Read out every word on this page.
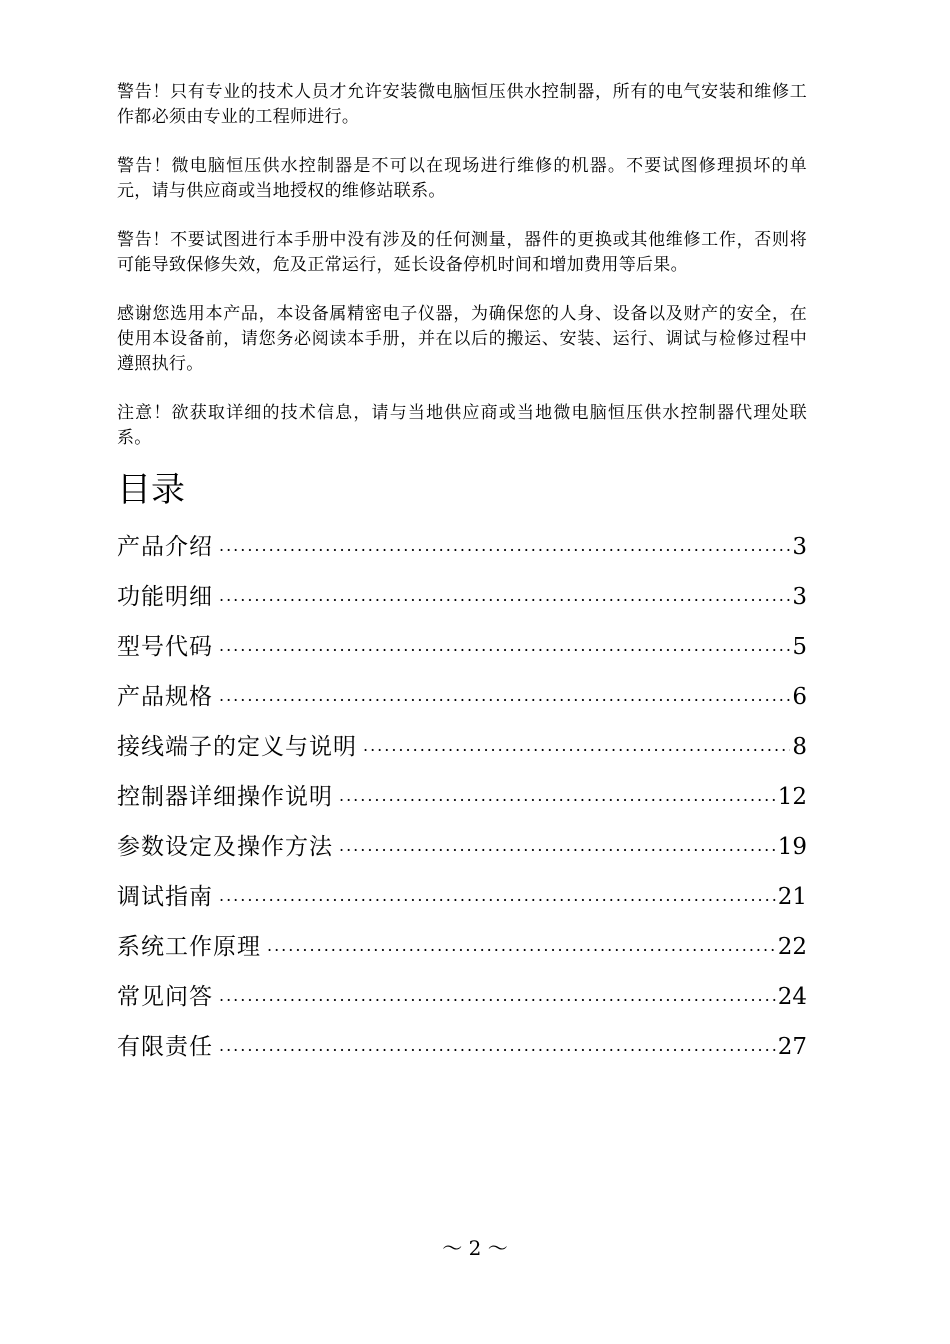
警告！只有专业的技术人员才允许安装微电脑恒压供水控制器，所有的电气安装和维修工作都必须由专业的工程师进行。

警告！微电脑恒压供水控制器是不可以在现场进行维修的机器。不要试图修理损坏的单元，请与供应商或当地授权的维修站联系。

警告！不要试图进行本手册中没有涉及的任何测量，器件的更换或其他维修工作，否则将可能导致保修失效，危及正常运行，延长设备停机时间和增加费用等后果。

感谢您选用本产品，本设备属精密电子仪器，为确保您的人身、设备以及财产的安全，在使用本设备前，请您务必阅读本手册，并在以后的搬运、安装、运行、调试与检修过程中遵照执行。

注意！欲获取详细的技术信息，请与当地供应商或当地微电脑恒压供水控制器代理处联系。

目录
产品介绍 .....	3
功能明细 .....	3
型号代码 .....	5
产品规格 .....	6
接线端子的定义与说明 .....	8
控制器详细操作说明 .....	12
参数设定及操作方法 .....	19
调试指南 .....	21
系统工作原理 .....	22
常见问答 .....	24
有限责任 .....	27
～ 2 ～
